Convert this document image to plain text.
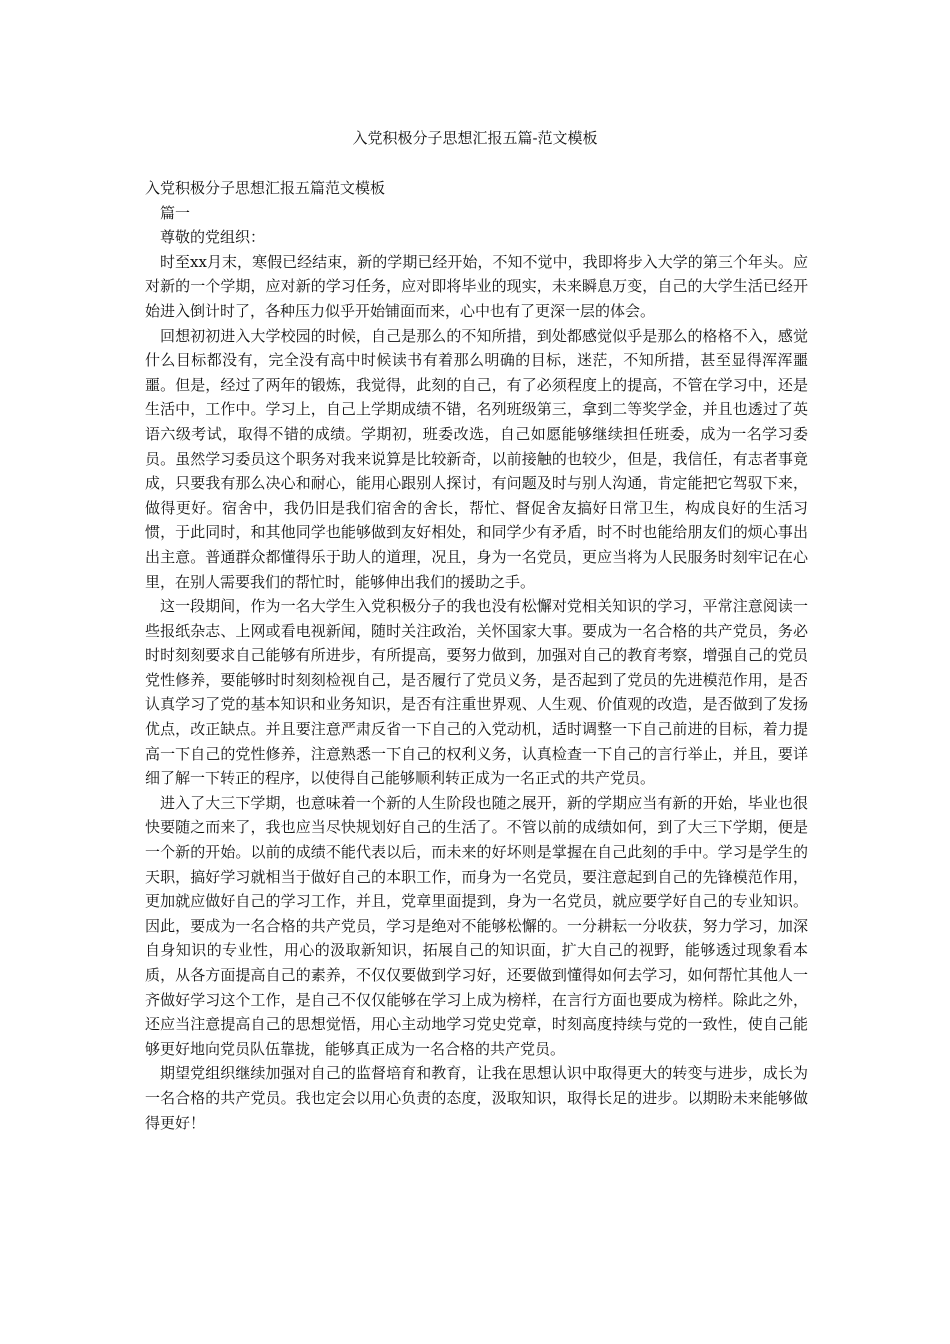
入党积极分子思想汇报五篇-范文模板

入党积极分子思想汇报五篇范文模板

篇一

尊敬的党组织：

时至xx月末，寒假已经结束，新的学期已经开始，不知不觉中，我即将步入大学的第三个年头。应对新的一个学期，应对新的学习任务，应对即将毕业的现实，未来瞬息万变，自己的大学生活已经开始进入倒计时了，各种压力似乎开始铺面而来，心中也有了更深一层的体会。

回想初初进入大学校园的时候，自己是那么的不知所措，到处都感觉似乎是那么的格格不入，感觉什么目标都没有，完全没有高中时候读书有着那么明确的目标，迷茫，不知所措，甚至显得浑浑噩噩。但是，经过了两年的锻炼，我觉得，此刻的自己，有了必须程度上的提高，不管在学习中，还是生活中，工作中。学习上，自己上学期成绩不错，名列班级第三，拿到二等奖学金，并且也透过了英语六级考试，取得不错的成绩。学期初，班委改选，自己如愿能够继续担任班委，成为一名学习委员。虽然学习委员这个职务对我来说算是比较新奇，以前接触的也较少，但是，我信任，有志者事竟成，只要我有那么决心和耐心，能用心跟别人探讨，有问题及时与别人沟通，肯定能把它驾驭下来，做得更好。宿舍中，我仍旧是我们宿舍的舍长，帮忙、督促舍友搞好日常卫生，构成良好的生活习惯，于此同时，和其他同学也能够做到友好相处，和同学少有矛盾，时不时也能给朋友们的烦心事出出主意。普通群众都懂得乐于助人的道理，况且，身为一名党员，更应当将为人民服务时刻牢记在心里，在别人需要我们的帮忙时，能够伸出我们的援助之手。

这一段期间，作为一名大学生入党积极分子的我也没有松懈对党相关知识的学习，平常注意阅读一些报纸杂志、上网或看电视新闻，随时关注政治，关怀国家大事。要成为一名合格的共产党员，务必时时刻刻要求自己能够有所进步，有所提高，要努力做到，加强对自己的教育考察，增强自己的党员党性修养，要能够时时刻刻检视自己，是否履行了党员义务，是否起到了党员的先进模范作用，是否认真学习了党的基本知识和业务知识，是否有注重世界观、人生观、价值观的改造，是否做到了发扬优点，改正缺点。并且要注意严肃反省一下自己的入党动机，适时调整一下自己前进的目标，着力提高一下自己的党性修养，注意熟悉一下自己的权利义务，认真检查一下自己的言行举止，并且，要详细了解一下转正的程序，以使得自己能够顺利转正成为一名正式的共产党员。

进入了大三下学期，也意味着一个新的人生阶段也随之展开，新的学期应当有新的开始，毕业也很快要随之而来了，我也应当尽快规划好自己的生活了。不管以前的成绩如何，到了大三下学期，便是一个新的开始。以前的成绩不能代表以后，而未来的好坏则是掌握在自己此刻的手中。学习是学生的天职，搞好学习就相当于做好自己的本职工作，而身为一名党员，要注意起到自己的先锋模范作用，更加就应做好自己的学习工作，并且，党章里面提到，身为一名党员，就应要学好自己的专业知识。因此，要成为一名合格的共产党员，学习是绝对不能够松懈的。一分耕耘一分收获，努力学习，加深自身知识的专业性，用心的汲取新知识，拓展自己的知识面，扩大自己的视野，能够透过现象看本质，从各方面提高自己的素养，不仅仅要做到学习好，还要做到懂得如何去学习，如何帮忙其他人一齐做好学习这个工作，是自己不仅仅能够在学习上成为榜样，在言行方面也要成为榜样。除此之外，还应当注意提高自己的思想觉悟，用心主动地学习党史党章，时刻高度持续与党的一致性，使自己能够更好地向党员队伍靠拢，能够真正成为一名合格的共产党员。

期望党组织继续加强对自己的监督培育和教育，让我在思想认识中取得更大的转变与进步，成长为一名合格的共产党员。我也定会以用心负责的态度，汲取知识，取得长足的进步。以期盼未来能够做得更好！
